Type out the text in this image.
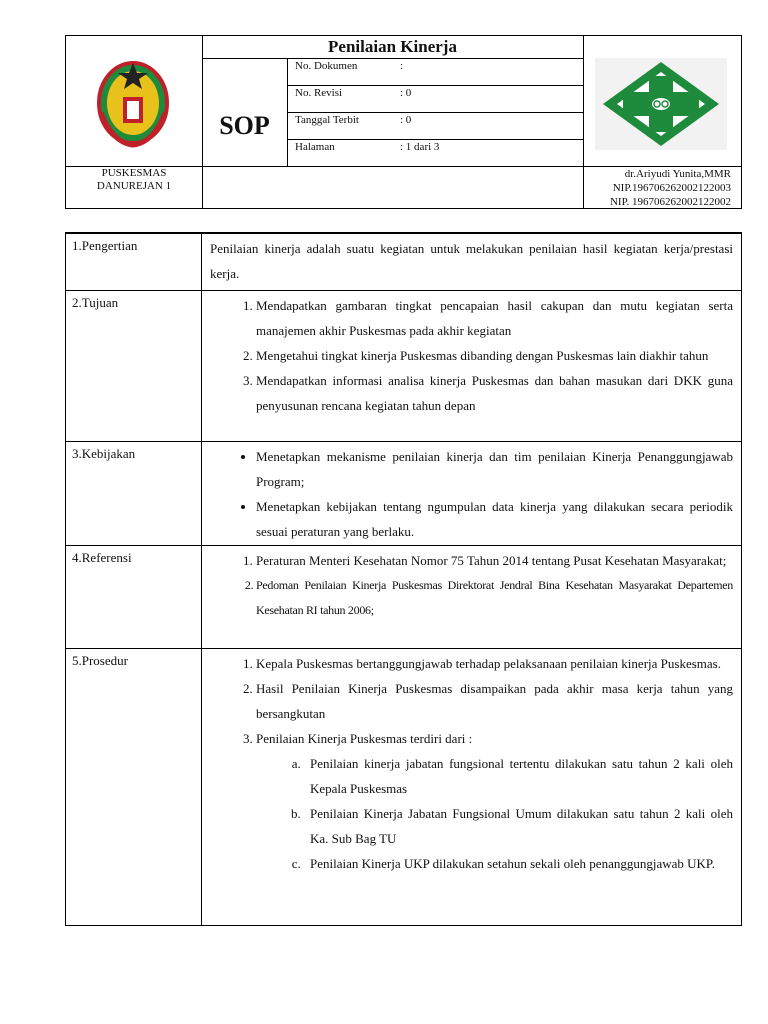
Penilaian Kinerja
SOP
No. Dokumen	:
No. Revisi	: 0
Tanggal Terbit	: 0
Halaman	: 1 dari 3
PUSKESMAS
DANUREJAN 1
dr.Ariyudi Yunita,MMR
NIP.196706262002122003
NIP. 196706262002122002
1.Pengertian	Penilaian kinerja adalah suatu kegiatan untuk melakukan penilaian hasil kegiatan kerja/prestasi kerja.
2.Tujuan	1. Mendapatkan gambaran tingkat pencapaian hasil cakupan dan mutu kegiatan serta manajemen akhir Puskesmas pada akhir kegiatan
2. Mengetahui tingkat kinerja Puskesmas dibanding dengan Puskesmas lain diakhir tahun
3. Mendapatkan informasi analisa kinerja Puskesmas dan bahan masukan dari DKK guna penyusunan rencana kegiatan tahun depan
3.Kebijakan	• Menetapkan mekanisme penilaian kinerja dan tim penilaian Kinerja Penanggungjawab Program;
• Menetapkan kebijakan tentang ngumpulan data kinerja yang dilakukan secara periodik sesuai peraturan yang berlaku.
4.Referensi	1. Peraturan Menteri Kesehatan Nomor 75 Tahun 2014 tentang Pusat Kesehatan Masyarakat;
2. Pedoman Penilaian Kinerja Puskesmas Direktorat Jendral Bina Kesehatan Masyarakat Departemen Kesehatan RI tahun 2006;
5.Prosedur	1. Kepala Puskesmas bertanggungjawab terhadap pelaksanaan penilaian kinerja Puskesmas.
2. Hasil Penilaian Kinerja Puskesmas disampaikan pada akhir masa kerja tahun yang bersangkutan
3. Penilaian Kinerja Puskesmas terdiri dari :
a. Penilaian kinerja jabatan fungsional tertentu dilakukan satu tahun 2 kali oleh Kepala Puskesmas
b. Penilaian Kinerja Jabatan Fungsional Umum dilakukan satu tahun 2 kali oleh Ka. Sub Bag TU
c. Penilaian Kinerja UKP dilakukan setahun sekali oleh penanggungjawab UKP.
